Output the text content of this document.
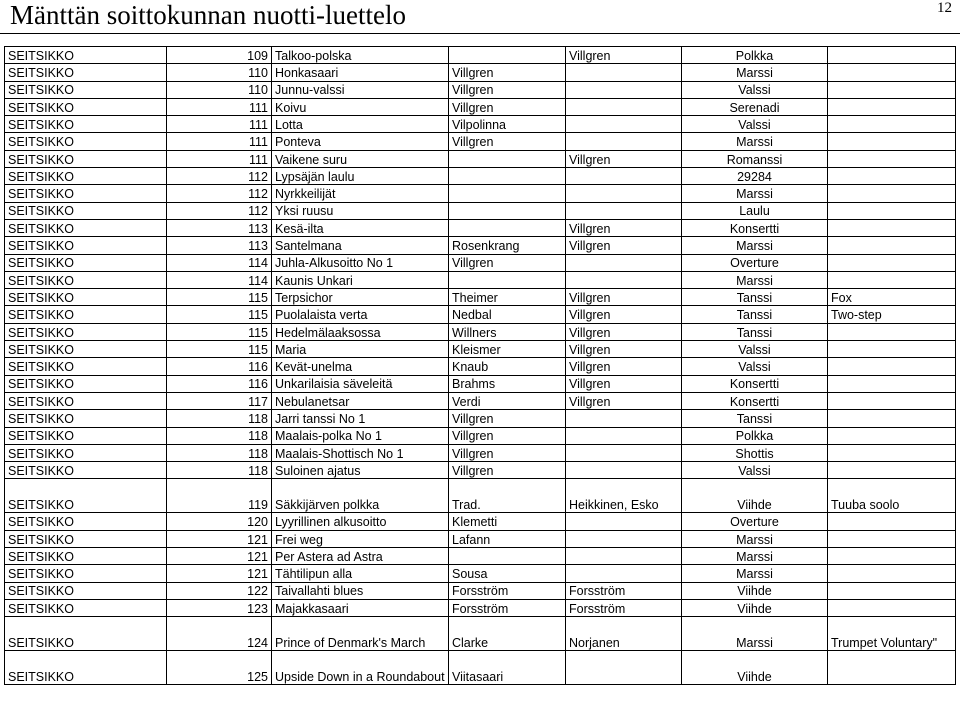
Mänttän soittokunnan nuotti-luettelo	12
SEITSIKKO	109	Talkoo-polska		Villgren	Polkka	
SEITSIKKO	110	Honkasaari	Villgren		Marssi	
SEITSIKKO	110	Junnu-valssi	Villgren		Valssi	
SEITSIKKO	111	Koivu	Villgren		Serenadi	
SEITSIKKO	111	Lotta	Vilpolinna		Valssi	
SEITSIKKO	111	Ponteva	Villgren		Marssi	
SEITSIKKO	111	Vaikene suru		Villgren	Romanssi	
SEITSIKKO	112	Lypsäjän laulu			29284	
SEITSIKKO	112	Nyrkkeilijät			Marssi	
SEITSIKKO	112	Yksi ruusu			Laulu	
SEITSIKKO	113	Kesä-ilta		Villgren	Konsertti	
SEITSIKKO	113	Santelmana	Rosenkrang	Villgren	Marssi	
SEITSIKKO	114	Juhla-Alkusoitto No 1	Villgren		Overture	
SEITSIKKO	114	Kaunis Unkari			Marssi	
SEITSIKKO	115	Terpsichor	Theimer	Villgren	Tanssi	Fox
SEITSIKKO	115	Puolalaista verta	Nedbal	Villgren	Tanssi	Two-step
SEITSIKKO	115	Hedelmälaaksossa	Willners	Villgren	Tanssi	
SEITSIKKO	115	Maria	Kleismer	Villgren	Valssi	
SEITSIKKO	116	Kevät-unelma	Knaub	Villgren	Valssi	
SEITSIKKO	116	Unkarilaisia säveleitä	Brahms	Villgren	Konsertti	
SEITSIKKO	117	Nebulanetsar	Verdi	Villgren	Konsertti	
SEITSIKKO	118	Jarri tanssi No 1	Villgren		Tanssi	
SEITSIKKO	118	Maalais-polka No 1	Villgren		Polkka	
SEITSIKKO	118	Maalais-Shottisch No 1	Villgren		Shottis	
SEITSIKKO	118	Suloinen ajatus	Villgren		Valssi	
SEITSIKKO	119	Säkkijärven polkka	Trad.	Heikkinen, Esko	Viihde	Tuuba soolo
SEITSIKKO	120	Lyyrillinen alkusoitto	Klemetti		Overture	
SEITSIKKO	121	Frei weg	Lafann		Marssi	
SEITSIKKO	121	Per Astera ad Astra			Marssi	
SEITSIKKO	121	Tähtilipun alla	Sousa		Marssi	
SEITSIKKO	122	Taivallahti blues	Forsström	Forsström	Viihde	
SEITSIKKO	123	Majakkasaari	Forsström	Forsström	Viihde	
SEITSIKKO	124	Prince of Denmark's March	Clarke	Norjanen	Marssi	Trumpet Voluntary"
SEITSIKKO	125	Upside Down in a Roundabout	Viitasaari		Viihde	
